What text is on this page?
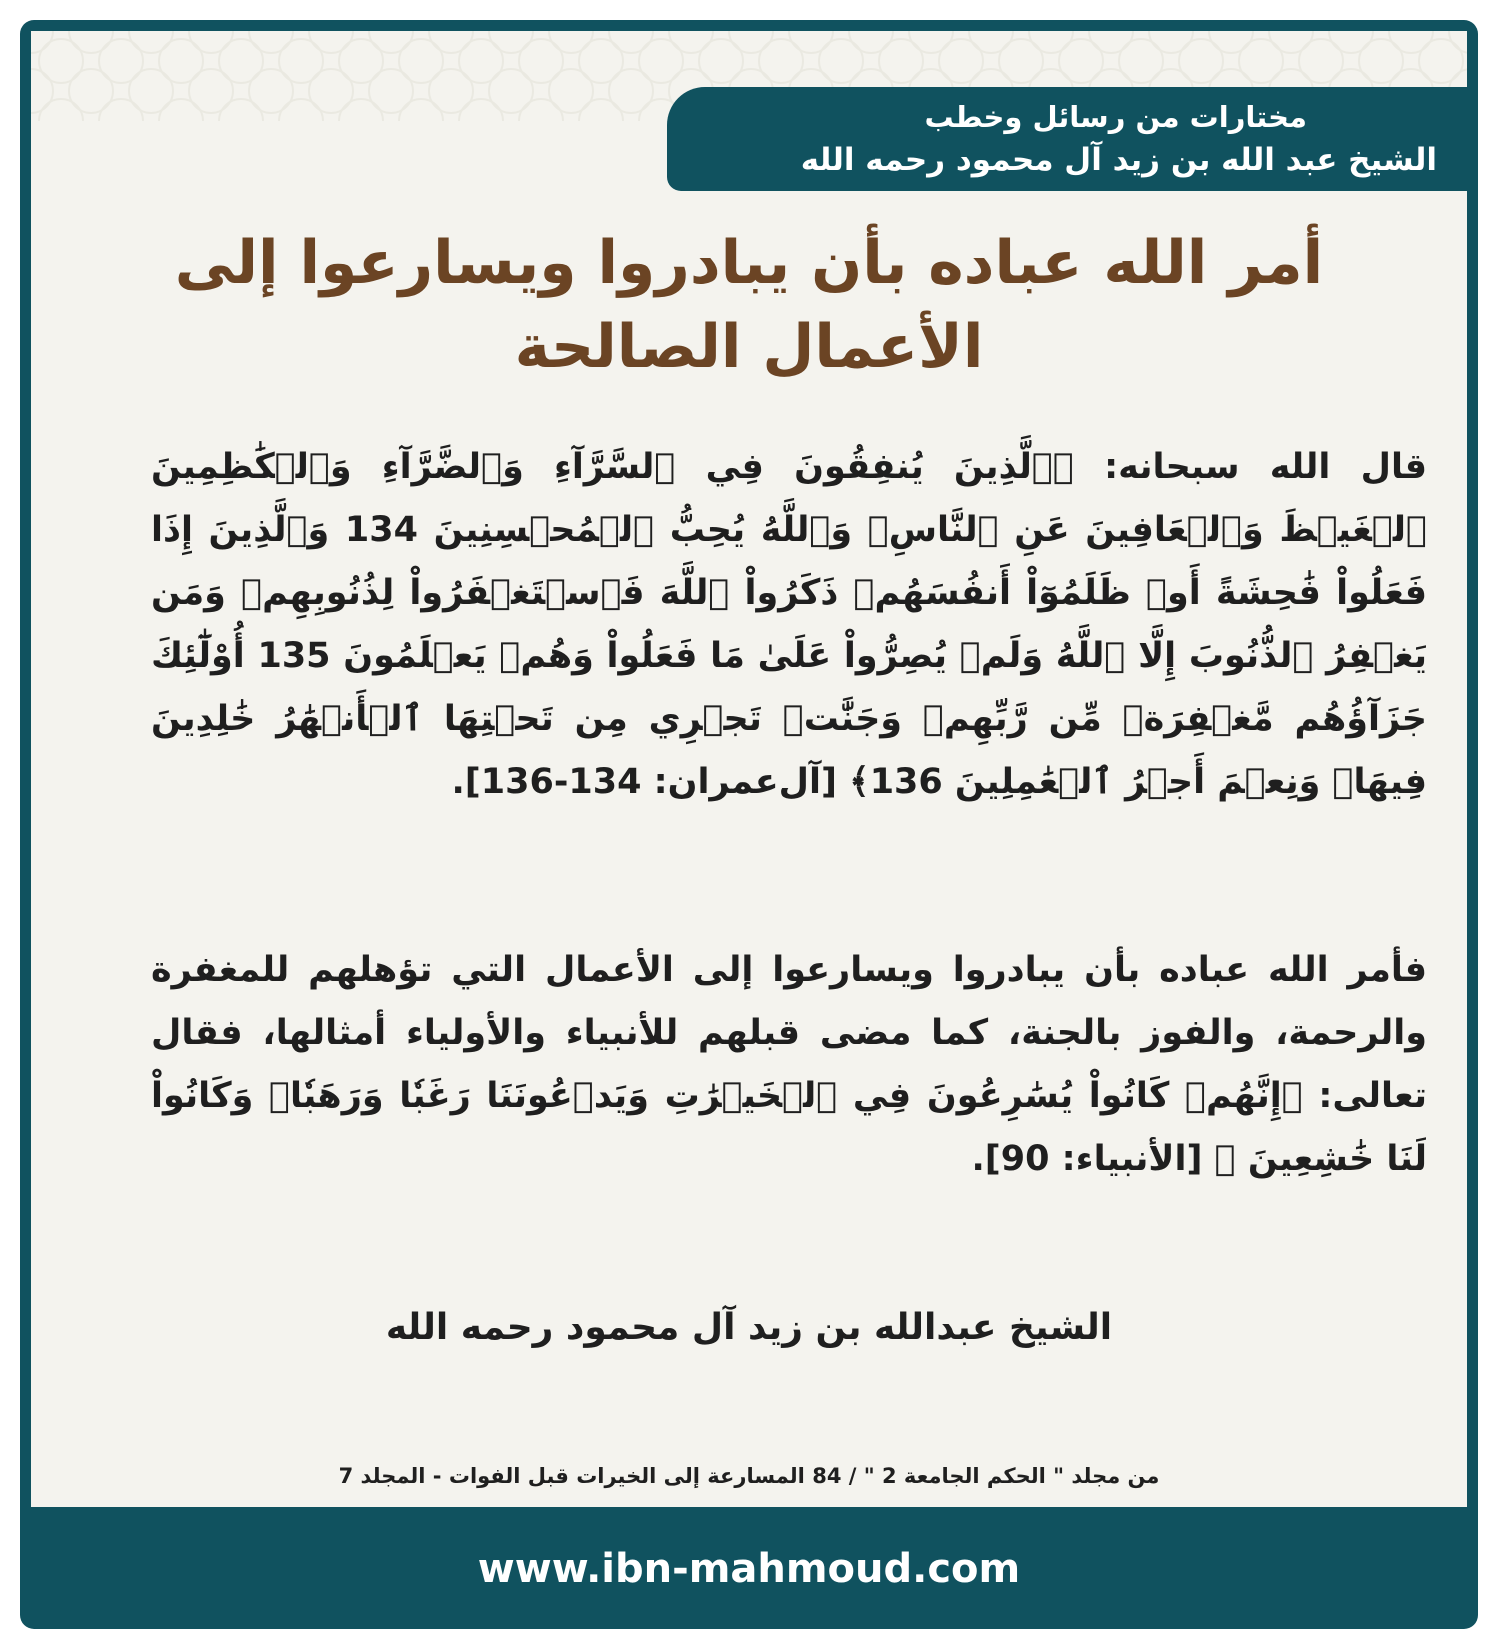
مختارات من رسائل وخطب
الشيخ عبد الله بن زيد آل محمود رحمه الله
أمر الله عباده بأن يبادروا ويسارعوا إلى الأعمال الصالحة
قال الله سبحانه: ﴿ٱلَّذِينَ يُنفِقُونَ فِي ٱلسَّرَّآءِ وَٱلضَّرَّآءِ وَٱلۡكَٰظِمِينَ ٱلۡغَيۡظَ وَٱلۡعَافِينَ عَنِ ٱلنَّاسِۗ وَٱللَّهُ يُحِبُّ ٱلۡمُحۡسِنِينَ 134 وَٱلَّذِينَ إِذَا فَعَلُواْ فَٰحِشَةً أَوۡ ظَلَمُوٓاْ أَنفُسَهُمۡ ذَكَرُواْ ٱللَّهَ فَٱسۡتَغۡفَرُواْ لِذُنُوبِهِمۡ وَمَن يَغۡفِرُ ٱلذُّنُوبَ إِلَّا ٱللَّهُ وَلَمۡ يُصِرُّواْ عَلَىٰ مَا فَعَلُواْ وَهُمۡ يَعۡلَمُونَ 135 أُوْلَٰٓئِكَ جَزَآؤُهُم مَّغۡفِرَةٞ مِّن رَّبِّهِمۡ وَجَنَّٰتٞ تَجۡرِي مِن تَحۡتِهَا ٱلۡأَنۡهَٰرُ خَٰلِدِينَ فِيهَاۚ وَنِعۡمَ أَجۡرُ ٱلۡعَٰمِلِينَ 136﴾ [آل‌عمران: 134-136].
فأمر الله عباده بأن يبادروا ويسارعوا إلى الأعمال التي تؤهلهم للمغفرة والرحمة، والفوز بالجنة، كما مضى قبلهم للأنبياء والأولياء أمثالها، فقال تعالى: ﴿إِنَّهُمۡ كَانُواْ يُسَٰرِعُونَ فِي ٱلۡخَيۡرَٰتِ وَيَدۡعُونَنَا رَغَبٗا وَرَهَبٗاۖ وَكَانُواْ لَنَا خَٰشِعِينَ ﴾ [الأنبياء: 90].
الشيخ عبدالله بن زيد آل محمود رحمه الله
من مجلد " الحكم الجامعة 2 " / 84 المسارعة إلى الخيرات قبل الفوات - المجلد 7
www.ibn-mahmoud.com
